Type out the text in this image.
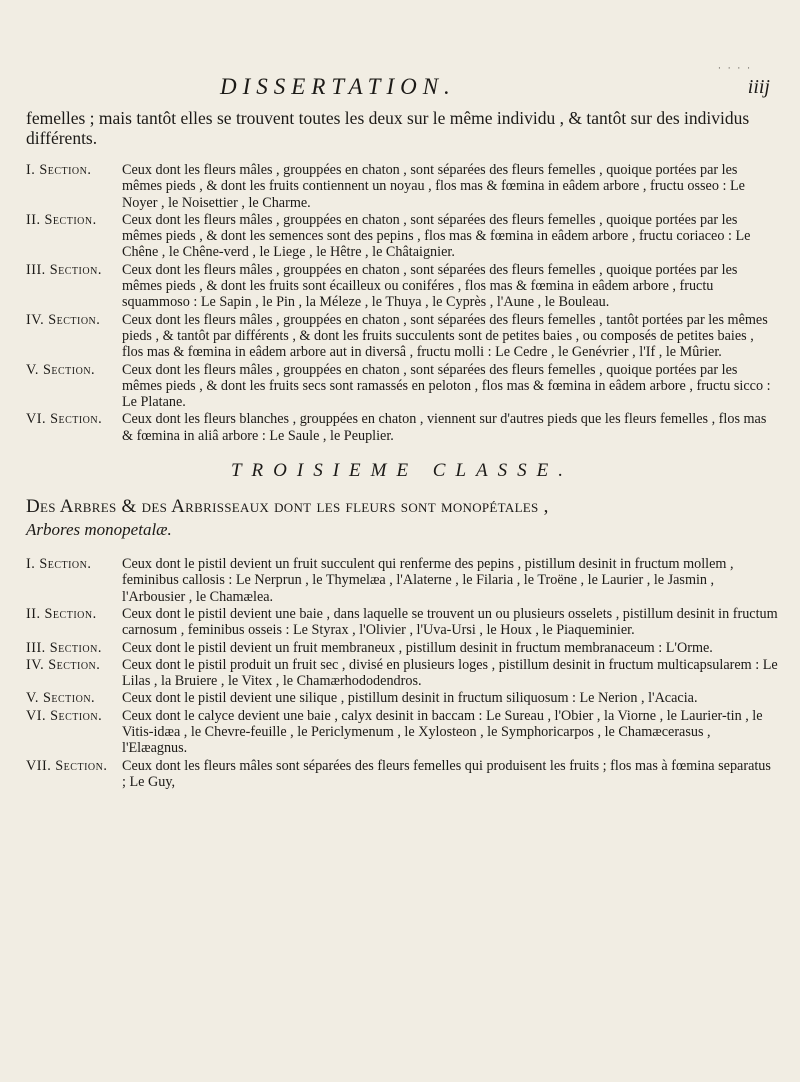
DISSERTATION.
· · · ·
iiij

femelles ; mais tantôt elles se trouvent toutes les deux sur le même individu , & tantôt sur des individus différents.

I. Section.	Ceux dont les fleurs mâles , grouppées en chaton , sont séparées des fleurs femelles , quoique portées par les mêmes pieds , & dont les fruits contiennent un noyau , flos mas & fœmina in eâdem arbore , fructu osseo : Le Noyer , le Noisettier , le Charme.
II. Section.	Ceux dont les fleurs mâles , grouppées en chaton , sont séparées des fleurs femelles , quoique portées par les mêmes pieds , & dont les semences sont des pepins , flos mas & fœmina in eâdem arbore , fructu coriaceo : Le Chêne , le Chêne-verd , le Liege , le Hêtre , le Châtaignier.
III. Section.	Ceux dont les fleurs mâles , grouppées en chaton , sont séparées des fleurs femelles , quoique portées par les mêmes pieds , & dont les fruits sont écailleux ou coniféres , flos mas & fœmina in eâdem arbore , fructu squammoso : Le Sapin , le Pin , la Méleze , le Thuya , le Cyprès , l'Aune , le Bouleau.
IV. Section.	Ceux dont les fleurs mâles , grouppées en chaton , sont séparées des fleurs femelles , tantôt portées par les mêmes pieds , & tantôt par différents , & dont les fruits succulents sont de petites baies , ou composés de petites baies , flos mas & fœmina in eâdem arbore aut in diversâ , fructu molli : Le Cedre , le Genévrier , l'If , le Mûrier.
V. Section.	Ceux dont les fleurs mâles , grouppées en chaton , sont séparées des fleurs femelles , quoique portées par les mêmes pieds , & dont les fruits secs sont ramassés en peloton , flos mas & fœmina in eâdem arbore , fructu sicco : Le Platane.
VI. Section.	Ceux dont les fleurs blanches , grouppées en chaton , viennent sur d'autres pieds que les fleurs femelles , flos mas & fœmina in aliâ arbore : Le Saule , le Peuplier.
TROISIEME CLASSE.

Des Arbres & des Arbrisseaux dont les fleurs sont monopétales ,

Arbores monopetalæ.

I. Section.	Ceux dont le pistil devient un fruit succulent qui renferme des pepins , pistillum desinit in fructum mollem , feminibus callosis : Le Nerprun , le Thymelæa , l'Alaterne , le Filaria , le Troëne , le Laurier , le Jasmin , l'Arbousier , le Chamælea.
II. Section.	Ceux dont le pistil devient une baie , dans laquelle se trouvent un ou plusieurs osselets , pistillum desinit in fructum carnosum , feminibus osseis : Le Styrax , l'Olivier , l'Uva-Ursi , le Houx , le Piaqueminier.
III. Section.	Ceux dont le pistil devient un fruit membraneux , pistillum desinit in fructum membranaceum : L'Orme.
IV. Section.	Ceux dont le pistil produit un fruit sec , divisé en plusieurs loges , pistillum desinit in fructum multicapsularem : Le Lilas , la Bruiere , le Vitex , le Chamærhododendros.
V. Section.	Ceux dont le pistil devient une silique , pistillum desinit in fructum siliquosum : Le Nerion , l'Acacia.
VI. Section.	Ceux dont le calyce devient une baie , calyx desinit in baccam : Le Sureau , l'Obier , la Viorne , le Laurier-tin , le Vitis-idæa , le Chevre-feuille , le Periclymenum , le Xylosteon , le Symphoricarpos , le Chamæcerasus , l'Elæagnus.
VII. Section.	Ceux dont les fleurs mâles sont séparées des fleurs femelles qui produisent les fruits ; flos mas à fœmina separatus ; Le Guy,
